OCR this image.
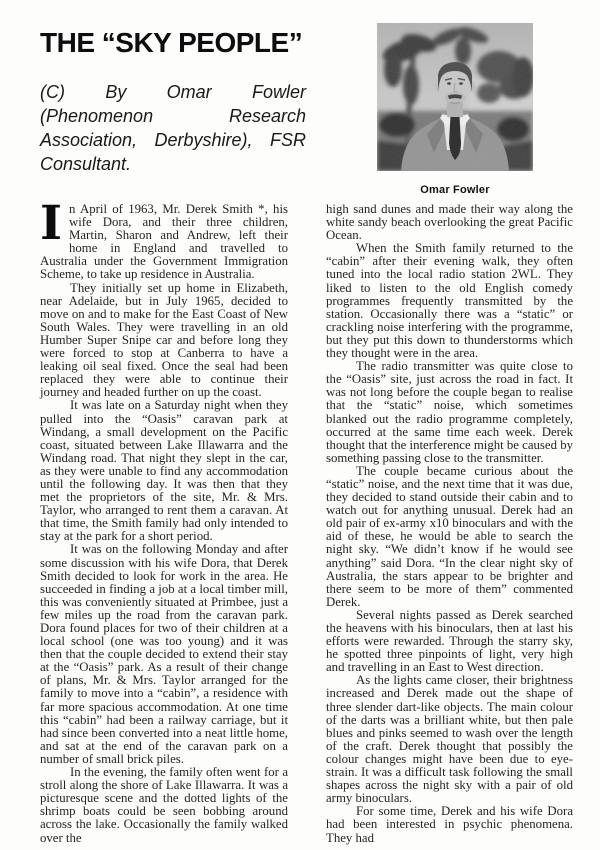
THE “SKY PEOPLE”
(C) By Omar Fowler
(Phenomenon Research
Association, Derbyshire), FSR
Consultant.
Omar Fowler

In April of 1963, Mr. Derek Smith *, his wife Dora, and their three children, Martin, Sharon and Andrew, left their home in England and travelled to Australia under the Government Immigration Scheme, to take up residence in Australia.

They initially set up home in Elizabeth, near Adelaide, but in July 1965, decided to move on and to make for the East Coast of New South Wales. They were travelling in an old Humber Super Snipe car and before long they were forced to stop at Canberra to have a leaking oil seal fixed. Once the seal had been replaced they were able to continue their journey and headed further on up the coast.

It was late on a Saturday night when they pulled into the “Oasis” caravan park at Windang, a small development on the Pacific coast, situated between Lake Illawarra and the Windang road. That night they slept in the car, as they were unable to find any accommodation until the following day. It was then that they met the proprietors of the site, Mr. & Mrs. Taylor, who arranged to rent them a caravan. At that time, the Smith family had only intended to stay at the park for a short period.

It was on the following Monday and after some discussion with his wife Dora, that Derek Smith decided to look for work in the area. He succeeded in finding a job at a local timber mill, this was conveniently situated at Primbee, just a few miles up the road from the caravan park. Dora found places for two of their children at a local school (one was too young) and it was then that the couple decided to extend their stay at the “Oasis” park. As a result of their change of plans, Mr. & Mrs. Taylor arranged for the family to move into a “cabin”, a residence with far more spacious accommodation. At one time this “cabin” had been a railway carriage, but it had since been converted into a neat little home, and sat at the end of the caravan park on a number of small brick piles.

In the evening, the family often went for a stroll along the shore of Lake Illawarra. It was a picturesque scene and the dotted lights of the shrimp boats could be seen bobbing around across the lake. Occasionally the family walked over the

high sand dunes and made their way along the white sandy beach overlooking the great Pacific Ocean.

When the Smith family returned to the “cabin” after their evening walk, they often tuned into the local radio station 2WL. They liked to listen to the old English comedy programmes frequently transmitted by the station. Occasionally there was a “static” or crackling noise interfering with the programme, but they put this down to thunderstorms which they thought were in the area.

The radio transmitter was quite close to the “Oasis” site, just across the road in fact. It was not long before the couple began to realise that the “static” noise, which sometimes blanked out the radio programme completely, occurred at the same time each week. Derek thought that the interference might be caused by something passing close to the transmitter.

The couple became curious about the “static” noise, and the next time that it was due, they decided to stand outside their cabin and to watch out for anything unusual. Derek had an old pair of ex-army x10 binoculars and with the aid of these, he would be able to search the night sky. “We didn’t know if he would see anything” said Dora. “In the clear night sky of Australia, the stars appear to be brighter and there seem to be more of them” commented Derek.

Several nights passed as Derek searched the heavens with his binoculars, then at last his efforts were rewarded. Through the starry sky, he spotted three pinpoints of light, very high and travelling in an East to West direction.

As the lights came closer, their brightness increased and Derek made out the shape of three slender dart-like objects. The main colour of the darts was a brilliant white, but then pale blues and pinks seemed to wash over the length of the craft. Derek thought that possibly the colour changes might have been due to eye-strain. It was a difficult task following the small shapes across the night sky with a pair of old army binoculars.

For some time, Derek and his wife Dora had been interested in psychic phenomena. They had
